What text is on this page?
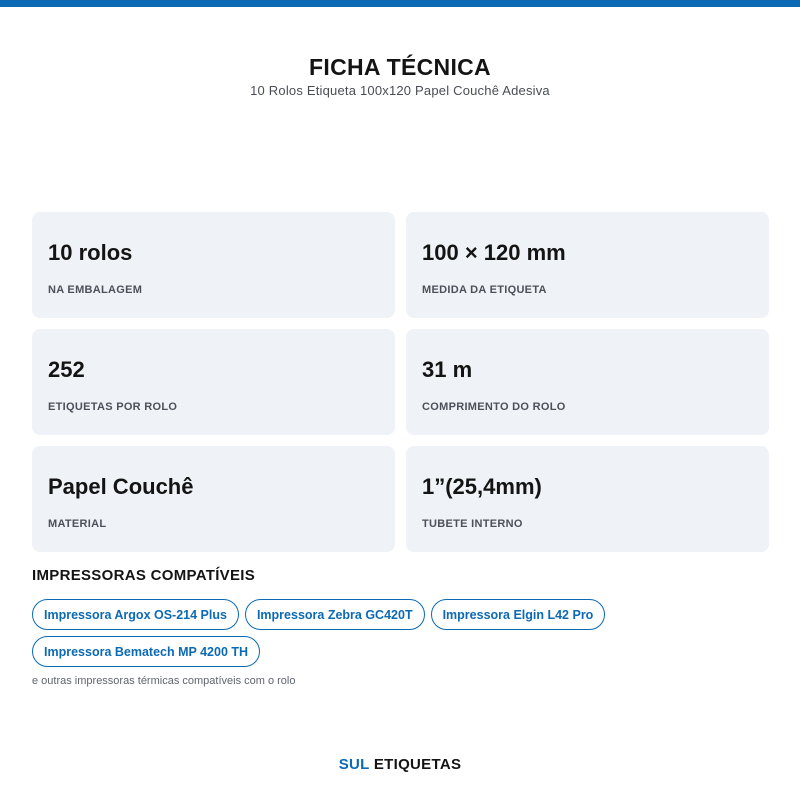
FICHA TÉCNICA
10 Rolos Etiqueta 100x120 Papel Couchê Adesiva
10 rolos
NA EMBALAGEM
100 × 120 mm
MEDIDA DA ETIQUETA
252
ETIQUETAS POR ROLO
31 m
COMPRIMENTO DO ROLO
Papel Couchê
MATERIAL
1”(25,4mm)
TUBETE INTERNO
IMPRESSORAS COMPATÍVEIS
Impressora Argox OS-214 Plus	Impressora Zebra GC420T	Impressora Elgin L42 Pro
Impressora Bematech MP 4200 TH
e outras impressoras térmicas compatíveis com o rolo
SUL ETIQUETAS
